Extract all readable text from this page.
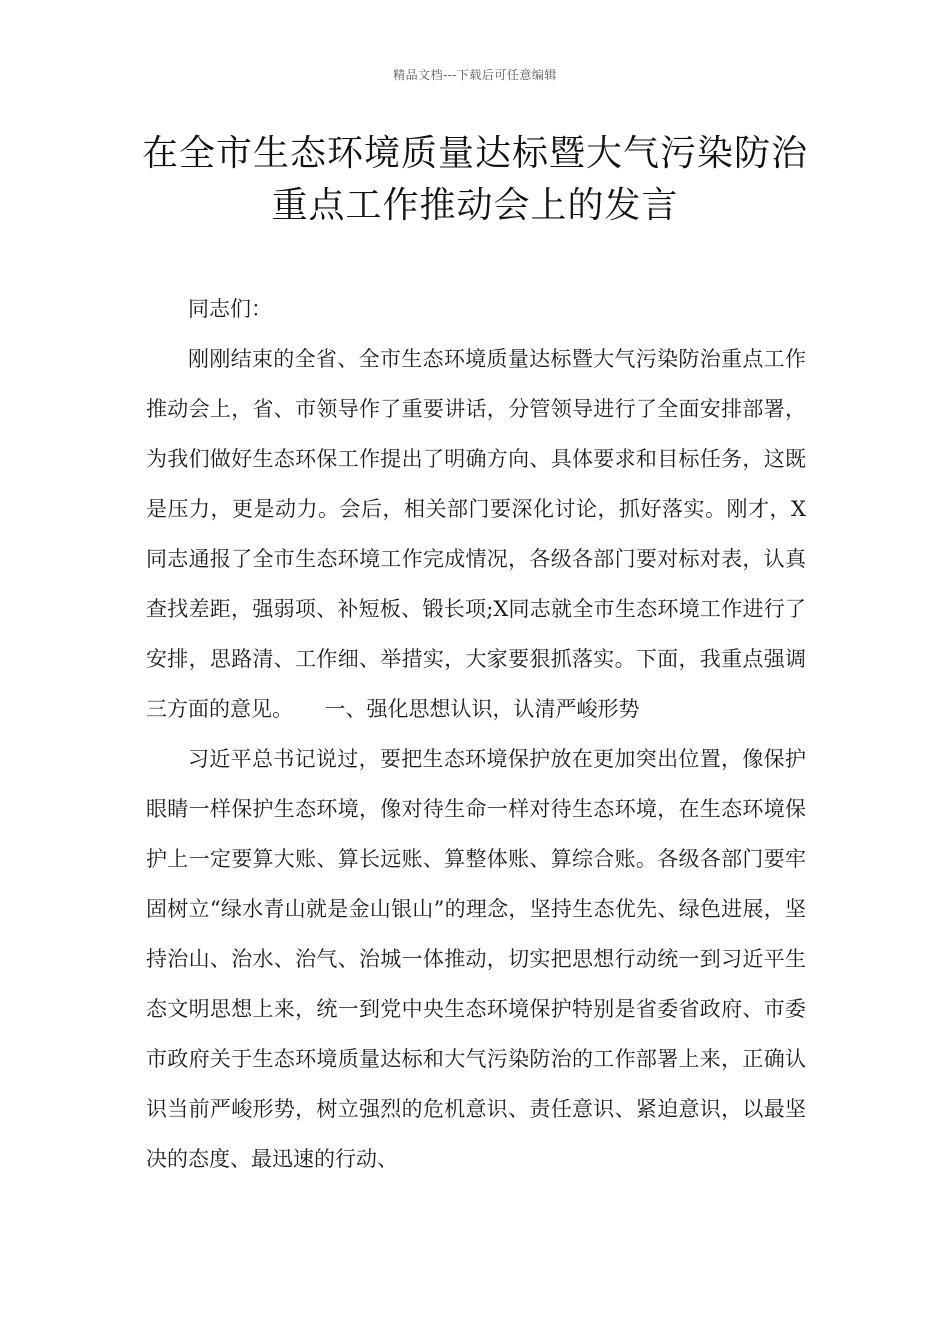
精品文档---下载后可任意编辑
在全市生态环境质量达标暨大气污染防治重点工作推动会上的发言

同志们：

刚刚结束的全省、全市生态环境质量达标暨大气污染防治重点工作推动会上，省、市领导作了重要讲话，分管领导进行了全面安排部署，为我们做好生态环保工作提出了明确方向、具体要求和目标任务，这既是压力，更是动力。会后，相关部门要深化讨论，抓好落实。刚才，X同志通报了全市生态环境工作完成情况，各级各部门要对标对表，认真查找差距，强弱项、补短板、锻长项;X同志就全市生态环境工作进行了安排，思路清、工作细、举措实，大家要狠抓落实。下面，我重点强调三方面的意见。　　一、强化思想认识，认清严峻形势

习近平总书记说过，要把生态环境保护放在更加突出位置，像保护眼睛一样保护生态环境，像对待生命一样对待生态环境，在生态环境保护上一定要算大账、算长远账、算整体账、算综合账。各级各部门要牢固树立“绿水青山就是金山银山”的理念，坚持生态优先、绿色进展，坚持治山、治水、治气、治城一体推动，切实把思想行动统一到习近平生态文明思想上来，统一到党中央生态环境保护特别是省委省政府、市委市政府关于生态环境质量达标和大气污染防治的工作部署上来，正确认识当前严峻形势，树立强烈的危机意识、责任意识、紧迫意识，以最坚决的态度、最迅速的行动、
